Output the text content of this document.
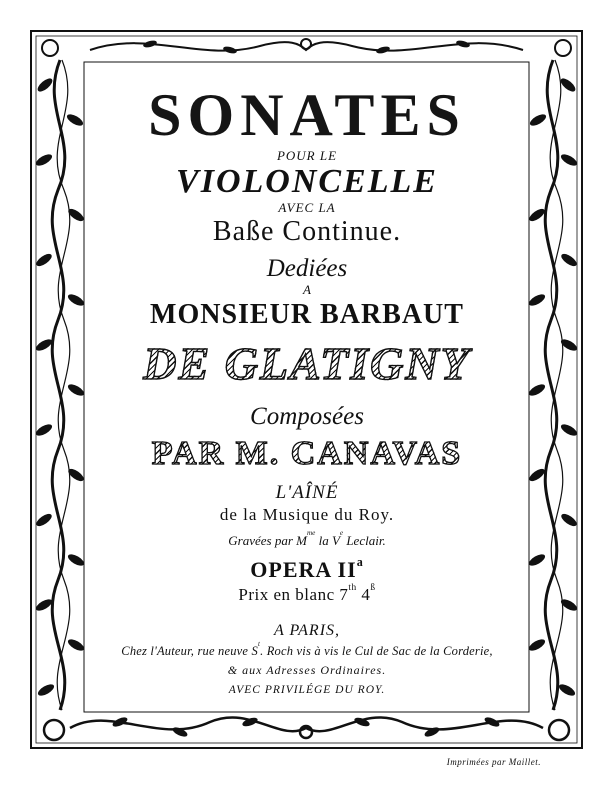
SONATES
POUR LE
VIOLONCELLE
AVEC LA
Baße Continue.
Dediées
A
MONSIEUR BARBAUT
DE GLATIGNY
Composées
PAR M. CANAVAS
L'AÎNÉ
de la Musique du Roy.
Gravées par $M^{me}$ la Ve Leclair.
OPERA $II^a$
Prix en blanc 7th $4^ß$
A PARIS,
Chez l'Auteur, rue neuve $S^t$. Roch vis à vis le Cul de Sac de la Corderie,
& aux Adresses Ordinaires.
AVEC PRIVILÉGE DU ROY.
Imprimées par Maillet.
